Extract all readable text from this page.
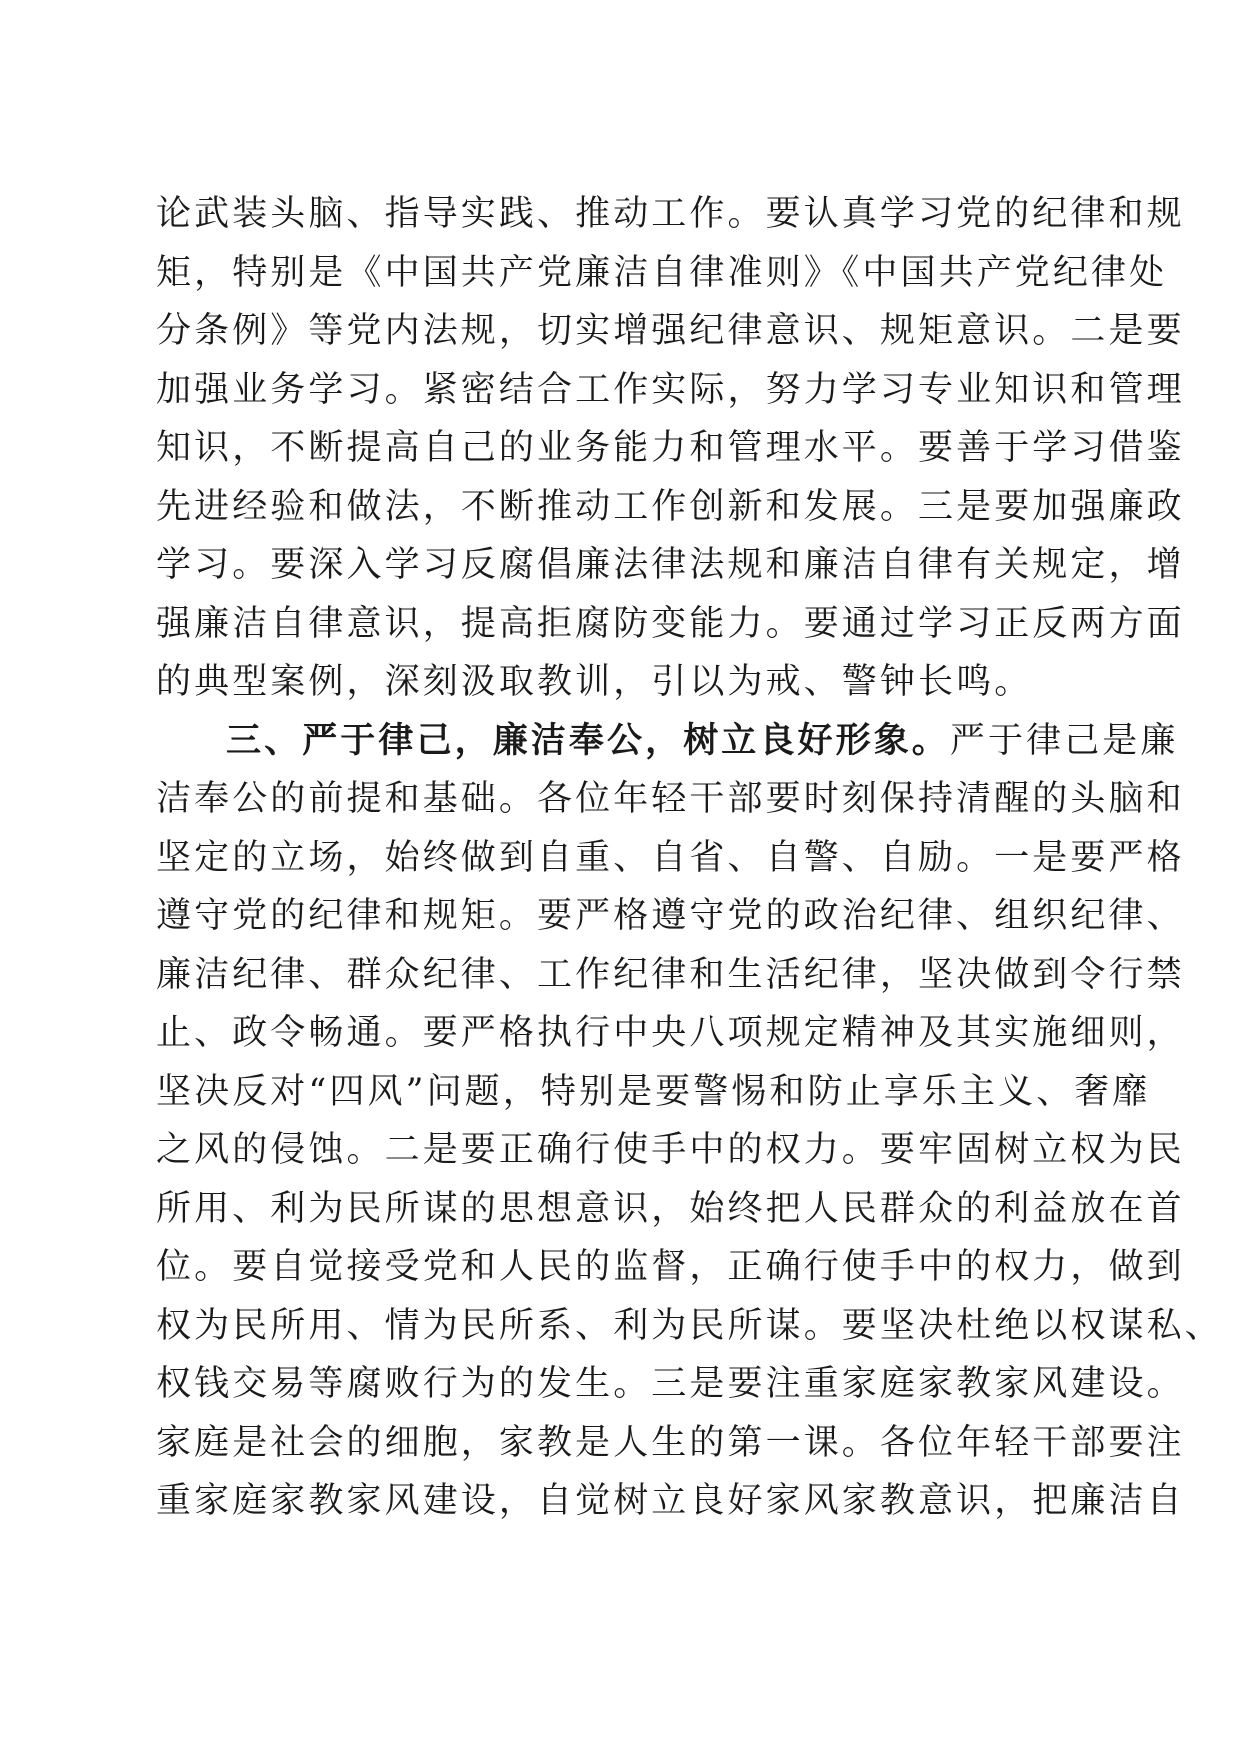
论武装头脑、指导实践、推动工作。要认真学习党的纪律和规
矩，特别是《中国共产党廉洁自律准则》《中国共产党纪律处
分条例》等党内法规，切实增强纪律意识、规矩意识。二是要
加强业务学习。紧密结合工作实际，努力学习专业知识和管理
知识，不断提高自己的业务能力和管理水平。要善于学习借鉴
先进经验和做法，不断推动工作创新和发展。三是要加强廉政
学习。要深入学习反腐倡廉法律法规和廉洁自律有关规定，增
强廉洁自律意识，提高拒腐防变能力。要通过学习正反两方面
的典型案例，深刻汲取教训，引以为戒、警钟长鸣。
三、严于律己，廉洁奉公，树立良好形象。严于律己是廉
洁奉公的前提和基础。各位年轻干部要时刻保持清醒的头脑和
坚定的立场，始终做到自重、自省、自警、自励。一是要严格
遵守党的纪律和规矩。要严格遵守党的政治纪律、组织纪律、
廉洁纪律、群众纪律、工作纪律和生活纪律，坚决做到令行禁
止、政令畅通。要严格执行中央八项规定精神及其实施细则，
坚决反对“四风”问题，特别是要警惕和防止享乐主义、奢靡
之风的侵蚀。二是要正确行使手中的权力。要牢固树立权为民
所用、利为民所谋的思想意识，始终把人民群众的利益放在首
位。要自觉接受党和人民的监督，正确行使手中的权力，做到
权为民所用、情为民所系、利为民所谋。要坚决杜绝以权谋私、
权钱交易等腐败行为的发生。三是要注重家庭家教家风建设。
家庭是社会的细胞，家教是人生的第一课。各位年轻干部要注
重家庭家教家风建设，自觉树立良好家风家教意识，把廉洁自
